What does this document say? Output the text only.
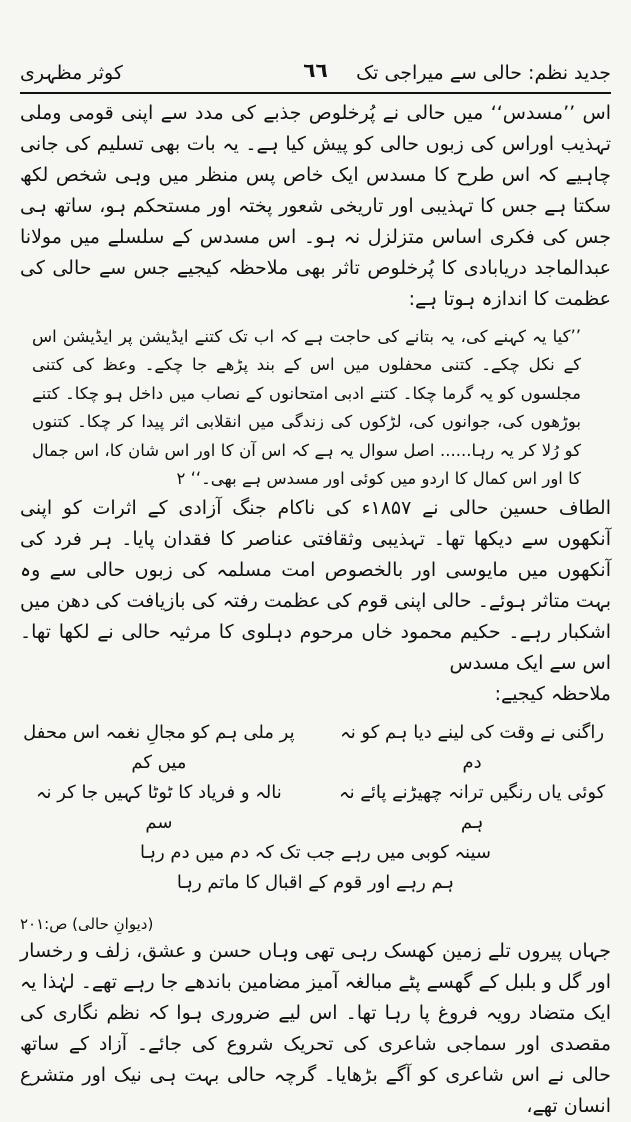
جدید نظم: حالی سے میراجی تک
٦٦
کوثر مظہری

اس ’’مسدس‘‘ میں حالی نے پُرخلوص جذبے کی مدد سے اپنی قومی وملی تہذیب اوراس کی زبوں حالی کو پیش کیا ہے۔ یہ بات بھی تسلیم کی جانی چاہیے کہ اس طرح کا مسدس ایک خاص پس منظر میں وہی شخص لکھ سکتا ہے جس کا تہذیبی اور تاریخی شعور پختہ اور مستحکم ہو، ساتھ ہی جس کی فکری اساس متزلزل نہ ہو۔ اس مسدس کے سلسلے میں مولانا عبدالماجد دریابادی کا پُرخلوص تاثر بھی ملاحظہ کیجیے جس سے حالی کی عظمت کا اندازہ ہوتا ہے:

’’کیا یہ کہنے کی، یہ بتانے کی حاجت ہے کہ اب تک کتنے ایڈیشن پر ایڈیشن اس کے نکل چکے۔ کتنی محفلوں میں اس کے بند پڑھے جا چکے۔ وعظ کی کتنی مجلسوں کو یہ گرما چکا۔ کتنے ادبی امتحانوں کے نصاب میں داخل ہو چکا۔ کتنے بوڑھوں کی، جوانوں کی، لڑکوں کی زندگی میں انقلابی اثر پیدا کر چکا۔ کتنوں کو رُلا کر یہ رہا...... اصل سوال یہ ہے کہ اس آن کا اور اس شان کا، اس جمال کا اور اس کمال کا اردو میں کوئی اور مسدس ہے بھی۔‘‘ ۲

الطاف حسین حالی نے ۱۸۵۷ء کی ناکام جنگ آزادی کے اثرات کو اپنی آنکھوں سے دیکھا تھا۔ تہذیبی وثقافتی عناصر کا فقدان پایا۔ ہر فرد کی آنکھوں میں مایوسی اور بالخصوص امت مسلمہ کی زبوں حالی سے وہ بہت متاثر ہوئے۔ حالی اپنی قوم کی عظمت رفتہ کی بازیافت کی دھن میں اشکبار رہے۔ حکیم محمود خاں مرحوم دہلوی کا مرثیہ حالی نے لکھا تھا۔ اس سے ایک مسدس

ملاحظہ کیجیے:

راگنی نے وقت کی لینے دیا ہم کو نہ دم
پر ملی ہم کو مجالِ نغمہ اس محفل میں کم
کوئی یاں رنگیں ترانہ چھیڑنے پائے نہ ہم
نالہ و فریاد کا ٹوٹا کہیں جا کر نہ سم
سینہ کوبی میں رہے جب تک کہ دم میں دم رہا
ہم رہے اور قوم کے اقبال کا ماتم رہا
(دیوانِ حالی) ص:۲۰۱

جہاں پیروں تلے زمین کھسک رہی تھی وہاں حسن و عشق، زلف و رخسار اور گل و بلبل کے گھسے پٹے مبالغہ آمیز مضامین باندھے جا رہے تھے۔ لہٰذا یہ ایک متضاد رویہ فروغ پا رہا تھا۔ اس لیے ضروری ہوا کہ نظم نگاری کی مقصدی اور سماجی شاعری کی تحریک شروع کی جائے۔ آزاد کے ساتھ حالی نے اس شاعری کو آگے بڑھایا۔ گرچہ حالی بہت ہی نیک اور متشرع انسان تھے،
